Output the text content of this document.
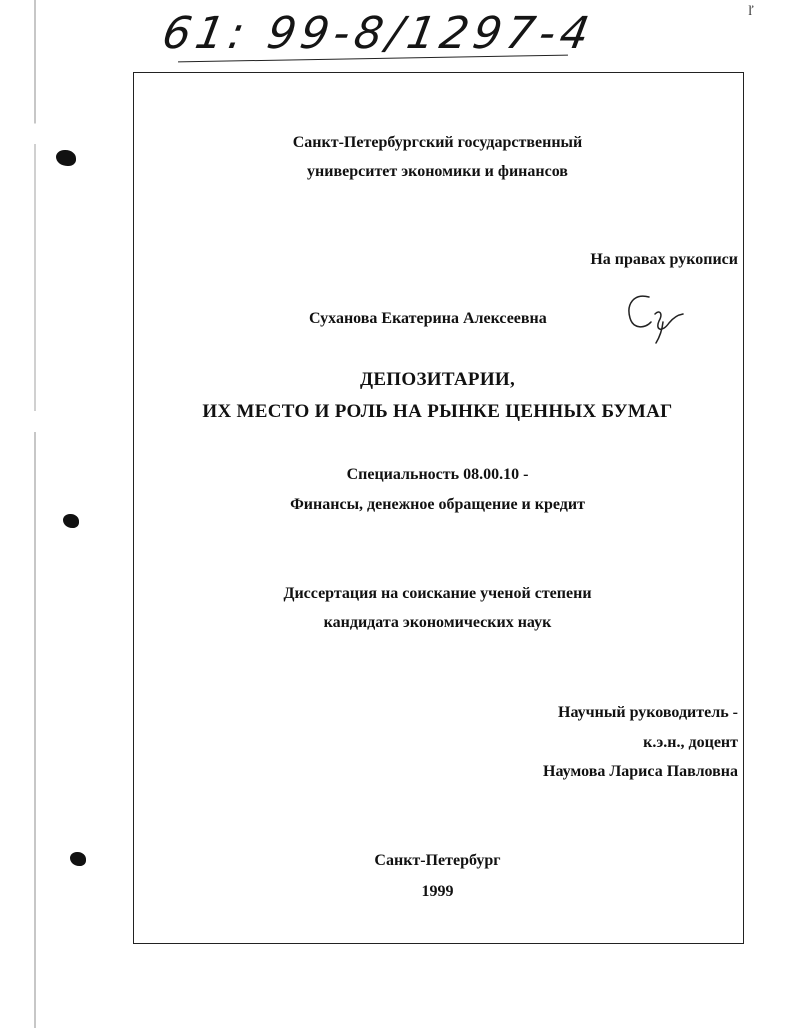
61: 99-8/1297-4	ľ
Санкт-Петербургский государственный
университет экономики и финансов
На правах рукописи
Суханова Екатерина Алексеевна
ДЕПОЗИТАРИИ,
ИХ МЕСТО И РОЛЬ НА РЫНКЕ ЦЕННЫХ БУМАГ
Специальность 08.00.10 -
Финансы, денежное обращение и кредит
Диссертация на соискание ученой степени
кандидата экономических наук
Научный руководитель -
к.э.н., доцент
Наумова Лариса Павловна
Санкт-Петербург
1999
